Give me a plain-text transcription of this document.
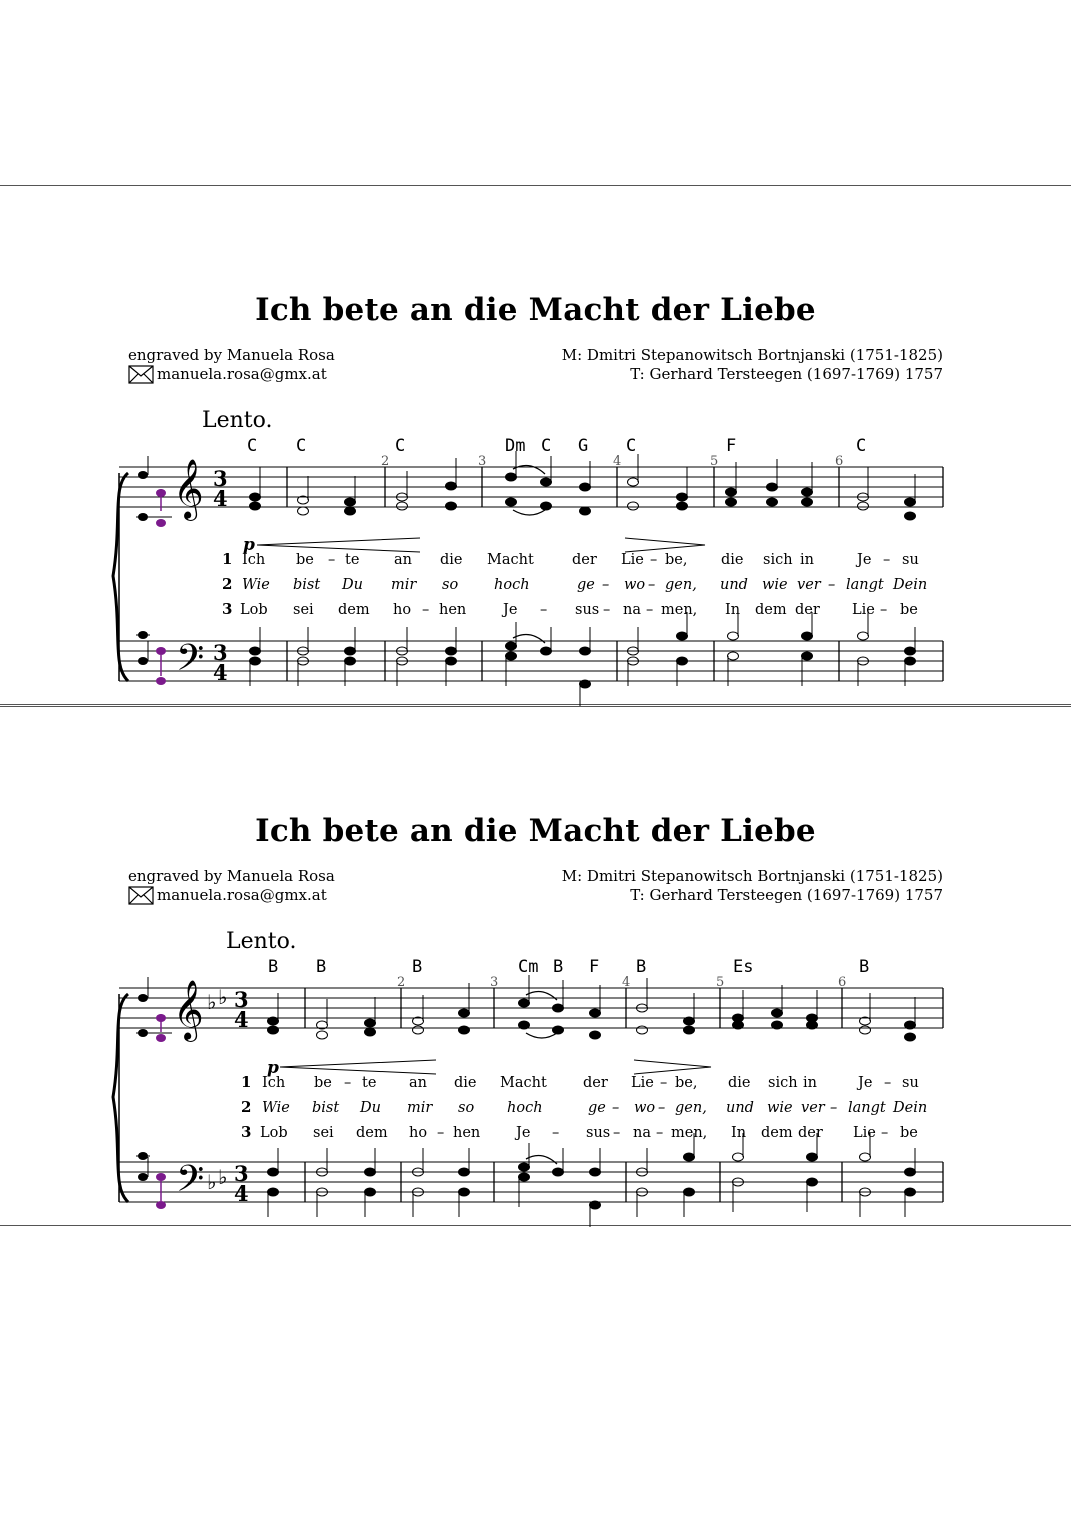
Ich bete an die Macht der Liebe
engraved by Manuela Rosa
manuela.rosa@gmx.at
M: Dmitri Stepanowitsch Bortnjanski (1751-1825)
T: Gerhard Tersteegen (1697-1769) 1757
Lento.
C C	C	Dm C G C	F	C
2	3	4	5	6
𝄞
𝄢
3
4
3
4
p
1 Ich be – te an die Macht	der Lie – be, die sich in	Je – su
2 Wie bist Du mir so hoch	ge – wo – gen, und wie ver – langt Dein
3 Lob sei dem ho – hen	Je – sus – na – men, In dem der Lie – be
Ich bete an die Macht der Liebe
engraved by Manuela Rosa
manuela.rosa@gmx.at
M: Dmitri Stepanowitsch Bortnjanski (1751-1825)
T: Gerhard Tersteegen (1697-1769) 1757
Lento.
B B	B	Cm B F B	Es	B
2	3	4	5	6
𝄞
𝄢
♭ ♭
♭ ♭
3
4
3
4
p
1 Ich be – te an die Macht der Lie – be, die sich in	Je – su
2 Wie bist Du mir so hoch	ge – wo – gen, und wie ver – langt Dein
3 Lob sei dem ho – hen Je – sus – na – men, In dem der Lie – be
